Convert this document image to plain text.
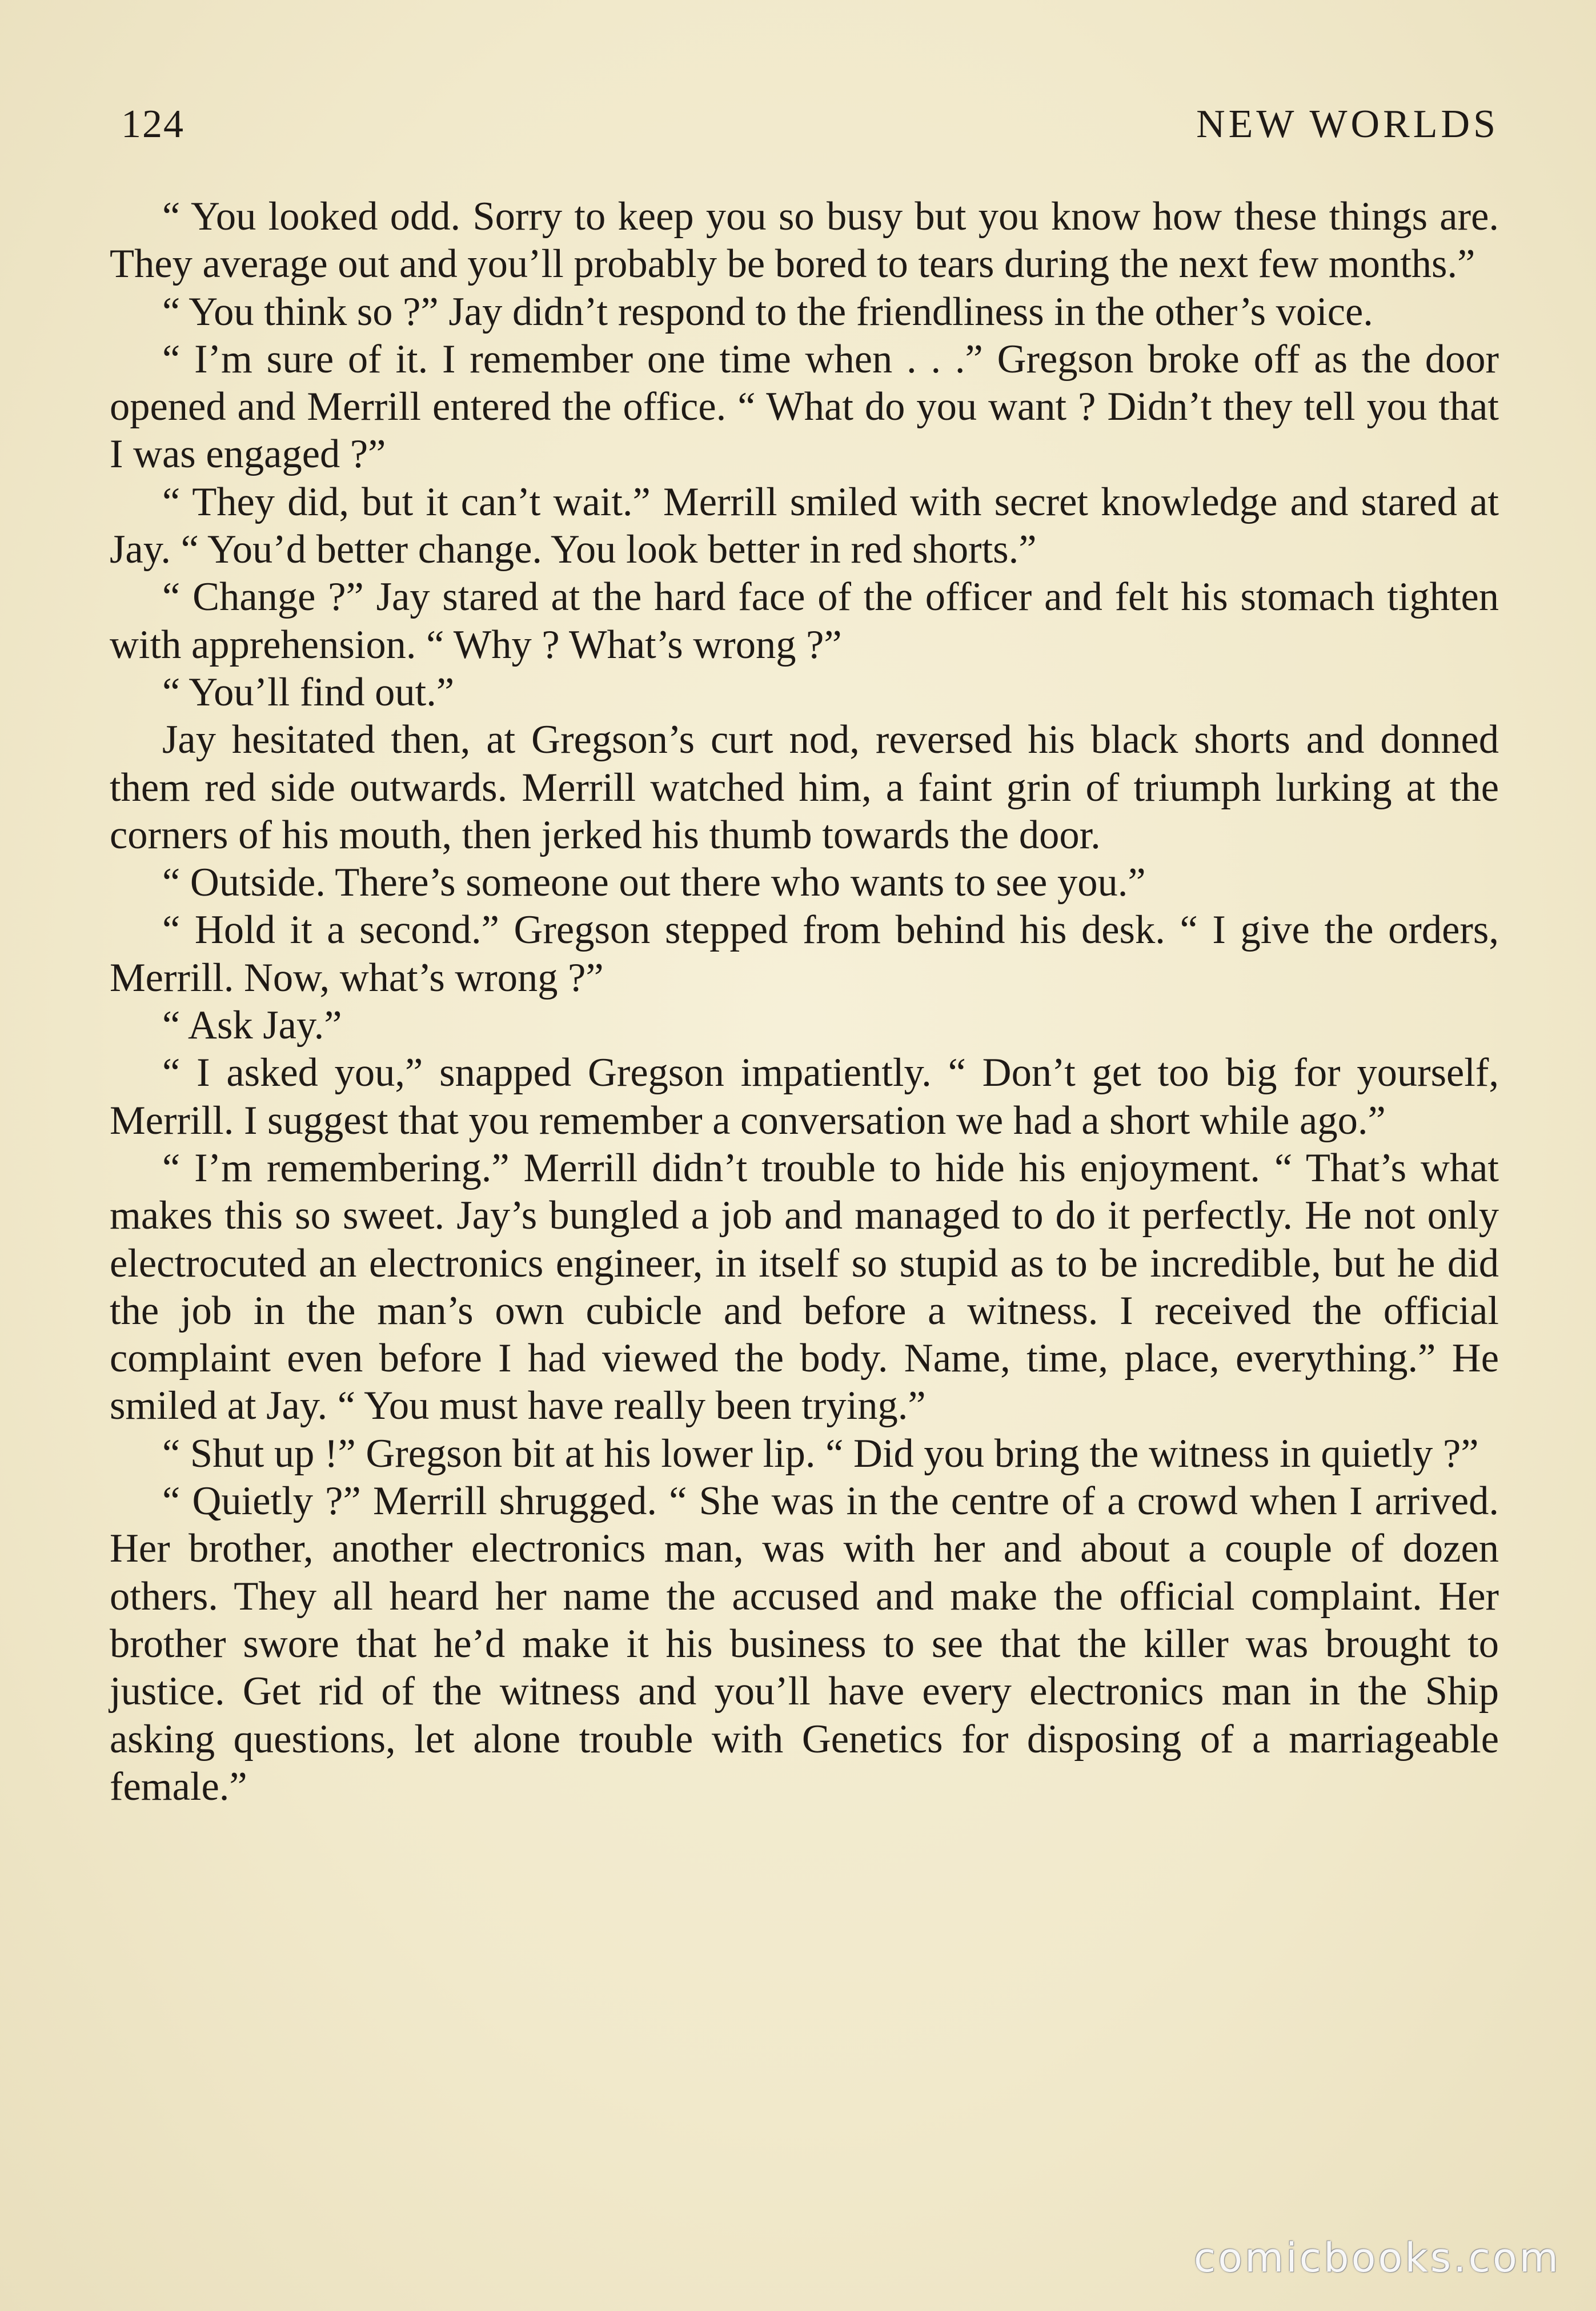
124	NEW WORLDS

“ You looked odd. Sorry to keep you so busy but you know how these things are. They average out and you’ll probably be bored to tears during the next few months.”

“ You think so ?” Jay didn’t respond to the friendliness in the other’s voice.

“ I’m sure of it. I remember one time when . . .” Gregson broke off as the door opened and Merrill entered the office. “ What do you want ? Didn’t they tell you that I was engaged ?”

“ They did, but it can’t wait.” Merrill smiled with secret knowledge and stared at Jay. “ You’d better change. You look better in red shorts.”

“ Change ?” Jay stared at the hard face of the officer and felt his stomach tighten with apprehension. “ Why ? What’s wrong ?”

“ You’ll find out.”

Jay hesitated then, at Gregson’s curt nod, reversed his black shorts and donned them red side outwards. Merrill watched him, a faint grin of triumph lurking at the corners of his mouth, then jerked his thumb towards the door.

“ Outside. There’s someone out there who wants to see you.”

“ Hold it a second.” Gregson stepped from behind his desk. “ I give the orders, Merrill. Now, what’s wrong ?”

“ Ask Jay.”

“ I asked you,” snapped Gregson impatiently. “ Don’t get too big for yourself, Merrill. I suggest that you remember a conversation we had a short while ago.”

“ I’m remembering.” Merrill didn’t trouble to hide his enjoyment. “ That’s what makes this so sweet. Jay’s bungled a job and managed to do it perfectly. He not only electrocuted an electronics engineer, in itself so stupid as to be incredible, but he did the job in the man’s own cubicle and before a witness. I received the official complaint even before I had viewed the body. Name, time, place, everything.” He smiled at Jay. “ You must have really been trying.”

“ Shut up !” Gregson bit at his lower lip. “ Did you bring the witness in quietly ?”

“ Quietly ?” Merrill shrugged. “ She was in the centre of a crowd when I arrived. Her brother, another electronics man, was with her and about a couple of dozen others. They all heard her name the accused and make the official complaint. Her brother swore that he’d make it his business to see that the killer was brought to justice. Get rid of the witness and you’ll have every electronics man in the Ship asking questions, let alone trouble with Genetics for disposing of a marriageable female.”

comicbooks.com
